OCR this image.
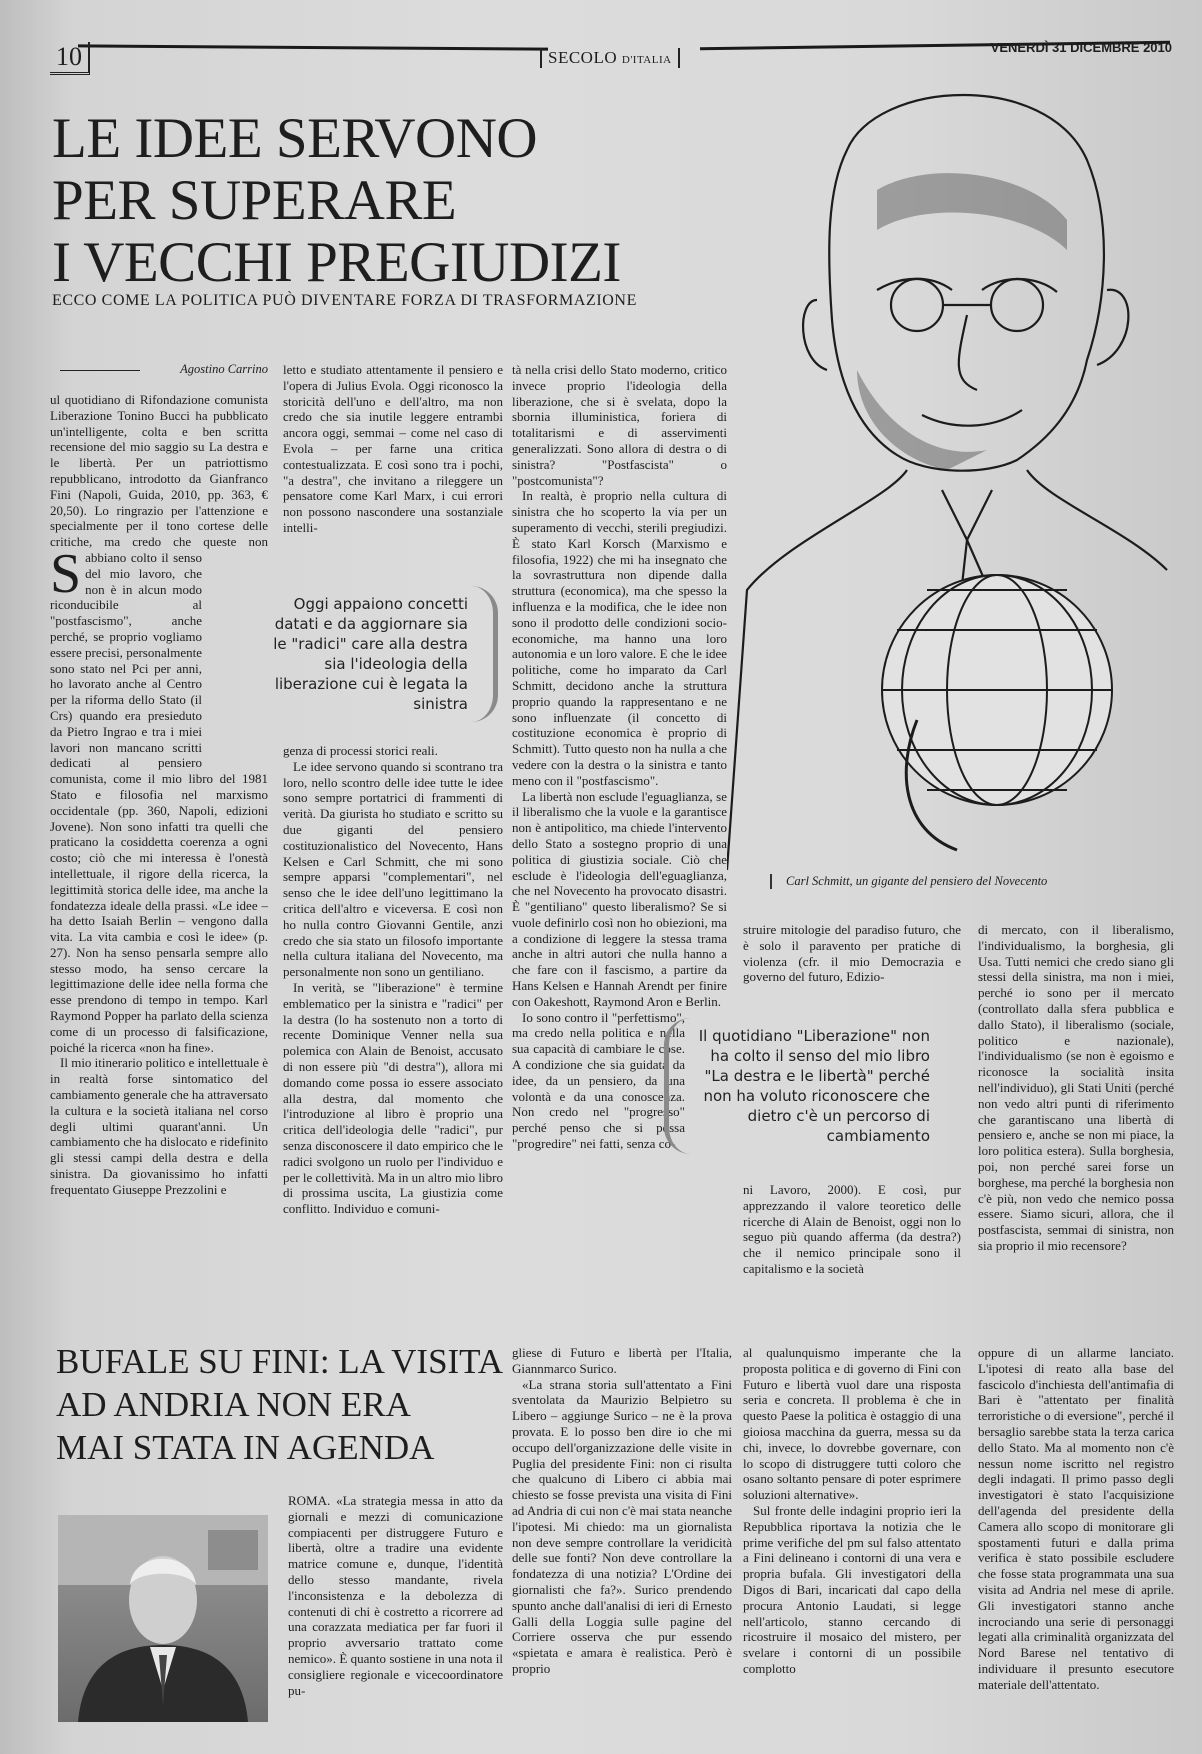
10	SECOLO D'ITALIA
VENERDÌ 31 DICEMBRE 2010
LE IDEE SERVONO
PER SUPERARE
I VECCHI PREGIUDIZI
ECCO COME LA POLITICA PUÒ DIVENTARE FORZA DI TRASFORMAZIONE
Carl Schmitt, un gigante del pensiero del Novecento
Agostino Carrino

S
ul quotidiano di Rifondazione comunista Liberazione Tonino Bucci ha pubblicato un'intelligente, colta e ben scritta recensione del mio saggio su La destra e le libertà. Per un patriottismo repubblicano, introdotto da Gianfranco Fini (Napoli, Guida, 2010, pp. 363, € 20,50). Lo ringrazio per l'attenzione e specialmente per il tono cortese delle critiche, ma credo che queste non abbiano colto il senso del mio lavoro, che non è in alcun modo riconducibile al "postfascismo", anche perché, se proprio vogliamo essere precisi, personalmente sono stato nel Pci per anni, ho lavorato anche al Centro per la riforma dello Stato (il Crs) quando era presieduto da Pietro Ingrao e tra i miei lavori non mancano scritti dedicati al pensiero comunista, come il mio libro del 1981 Stato e filosofia nel marxismo occidentale (pp. 360, Napoli, edizioni Jovene). Non sono infatti tra quelli che praticano la cosiddetta coerenza a ogni costo; ciò che mi interessa è l'onestà intellettuale, il rigore della ricerca, la legittimità storica delle idee, ma anche la fondatezza ideale della prassi. «Le idee – ha detto Isaiah Berlin – vengono dalla vita. La vita cambia e così le idee» (p. 27). Non ha senso pensarla sempre allo stesso modo, ha senso cercare la legittimazione delle idee nella forma che esse prendono di tempo in tempo. Karl Raymond Popper ha parlato della scienza come di un processo di falsificazione, poiché la ricerca «non ha fine».

Il mio itinerario politico e intellettuale è in realtà forse sintomatico del cambiamento generale che ha attraversato la cultura e la società italiana nel corso degli ultimi quarant'anni. Un cambiamento che ha dislocato e ridefinito gli stessi campi della destra e della sinistra. Da giovanissimo ho infatti frequentato Giuseppe Prezzolini e

letto e studiato attentamente il pensiero e l'opera di Julius Evola. Oggi riconosco la storicità dell'uno e dell'altro, ma non credo che sia inutile leggere entrambi ancora oggi, semmai – come nel caso di Evola – per farne una critica contestualizzata. E così sono tra i pochi, "a destra", che invitano a rileggere un pensatore come Karl Marx, i cui errori non possono nascondere una sostanziale intelli-

Oggi appaiono concetti datati e da aggiornare sia le "radici" care alla destra sia l'ideologia della liberazione cui è legata la sinistra

genza di processi storici reali.

Le idee servono quando si scontrano tra loro, nello scontro delle idee tutte le idee sono sempre portatrici di frammenti di verità. Da giurista ho studiato e scritto su due giganti del pensiero costituzionalistico del Novecento, Hans Kelsen e Carl Schmitt, che mi sono sempre apparsi "complementari", nel senso che le idee dell'uno legittimano la critica dell'altro e viceversa. E così non ho nulla contro Giovanni Gentile, anzi credo che sia stato un filosofo importante nella cultura italiana del Novecento, ma personalmente non sono un gentiliano.

In verità, se "liberazione" è termine emblematico per la sinistra e "radici" per la destra (lo ha sostenuto non a torto di recente Dominique Venner nella sua polemica con Alain de Benoist, accusato di non essere più "di destra"), allora mi domando come possa io essere associato alla destra, dal momento che l'introduzione al libro è proprio una critica dell'ideologia delle "radici", pur senza disconoscere il dato empirico che le radici svolgono un ruolo per l'individuo e per le collettività. Ma in un altro mio libro di prossima uscita, La giustizia come conflitto. Individuo e comuni-

tà nella crisi dello Stato moderno, critico invece proprio l'ideologia della liberazione, che si è svelata, dopo la sbornia illuministica, foriera di totalitarismi e di asservimenti generalizzati. Sono allora di destra o di sinistra? "Postfascista" o "postcomunista"?

In realtà, è proprio nella cultura di sinistra che ho scoperto la via per un superamento di vecchi, sterili pregiudizi. È stato Karl Korsch (Marxismo e filosofia, 1922) che mi ha insegnato che la sovrastruttura non dipende dalla struttura (economica), ma che spesso la influenza e la modifica, che le idee non sono il prodotto delle condizioni socio-economiche, ma hanno una loro autonomia e un loro valore. E che le idee politiche, come ho imparato da Carl Schmitt, decidono anche la struttura proprio quando la rappresentano e ne sono influenzate (il concetto di costituzione economica è proprio di Schmitt). Tutto questo non ha nulla a che vedere con la destra o la sinistra e tanto meno con il "postfascismo".

La libertà non esclude l'eguaglianza, se il liberalismo che la vuole e la garantisce non è antipolitico, ma chiede l'intervento dello Stato a sostegno proprio di una politica di giustizia sociale. Ciò che esclude è l'ideologia dell'eguaglianza, che nel Novecento ha provocato disastri. È "gentiliano" questo liberalismo? Se si vuole definirlo così non ho obiezioni, ma a condizione di leggere la stessa trama anche in altri autori che nulla hanno a che fare con il fascismo, a partire da Hans Kelsen e Hannah Arendt per finire con Oakeshott, Raymond Aron e Berlin.

Io sono contro il "perfettismo", ma credo nella politica e nella sua capacità di cambiare le cose. A condizione che sia guidata da idee, da un pensiero, da una volontà e da una conoscenza. Non credo nel "progresso" perché penso che si possa "progredire" nei fatti, senza co-

struire mitologie del paradiso futuro, che è solo il paravento per pratiche di violenza (cfr. il mio Democrazia e governo del futuro, Edizio-

Il quotidiano "Liberazione" non ha colto il senso del mio libro "La destra e le libertà" perché non ha voluto riconoscere che dietro c'è un percorso di cambiamento

ni Lavoro, 2000). E così, pur apprezzando il valore teoretico delle ricerche di Alain de Benoist, oggi non lo seguo più quando afferma (da destra?) che il nemico principale sono il capitalismo e la società

di mercato, con il liberalismo, l'individualismo, la borghesia, gli Usa. Tutti nemici che credo siano gli stessi della sinistra, ma non i miei, perché io sono per il mercato (controllato dalla sfera pubblica e dallo Stato), il liberalismo (sociale, politico e nazionale), l'individualismo (se non è egoismo e riconosce la socialità insita nell'individuo), gli Stati Uniti (perché non vedo altri punti di riferimento che garantiscano una libertà di pensiero e, anche se non mi piace, la loro politica estera). Sulla borghesia, poi, non perché sarei forse un borghese, ma perché la borghesia non c'è più, non vedo che nemico possa essere. Siamo sicuri, allora, che il postfascista, semmai di sinistra, non sia proprio il mio recensore?

BUFALE SU FINI: LA VISITA
AD ANDRIA NON ERA
MAI STATA IN AGENDA

ROMA. «La strategia messa in atto da giornali e mezzi di comunicazione compiacenti per distruggere Futuro e libertà, oltre a tradire una evidente matrice comune e, dunque, l'identità dello stesso mandante, rivela l'inconsistenza e la debolezza di contenuti di chi è costretto a ricorrere ad una corazzata mediatica per far fuori il proprio avversario trattato come nemico». È quanto sostiene in una nota il consigliere regionale e vicecoordinatore pu-

gliese di Futuro e libertà per l'Italia, Giannmarco Surico.

«La strana storia sull'attentato a Fini sventolata da Maurizio Belpietro su Libero – aggiunge Surico – ne è la prova provata. E lo posso ben dire io che mi occupo dell'organizzazione delle visite in Puglia del presidente Fini: non ci risulta che qualcuno di Libero ci abbia mai chiesto se fosse prevista una visita di Fini ad Andria di cui non c'è mai stata neanche l'ipotesi. Mi chiedo: ma un giornalista non deve sempre controllare la veridicità delle sue fonti? Non deve controllare la fondatezza di una notizia? L'Ordine dei giornalisti che fa?». Surico prendendo spunto anche dall'analisi di ieri di Ernesto Galli della Loggia sulle pagine del Corriere osserva che pur essendo «spietata e amara è realistica. Però è proprio

al qualunquismo imperante che la proposta politica e di governo di Fini con Futuro e libertà vuol dare una risposta seria e concreta. Il problema è che in questo Paese la politica è ostaggio di una gioiosa macchina da guerra, messa su da chi, invece, lo dovrebbe governare, con lo scopo di distruggere tutti coloro che osano soltanto pensare di poter esprimere soluzioni alternative».

Sul fronte delle indagini proprio ieri la Repubblica riportava la notizia che le prime verifiche del pm sul falso attentato a Fini delineano i contorni di una vera e propria bufala. Gli investigatori della Digos di Bari, incaricati dal capo della procura Antonio Laudati, si legge nell'articolo, stanno cercando di ricostruire il mosaico del mistero, per svelare i contorni di un possibile complotto

oppure di un allarme lanciato. L'ipotesi di reato alla base del fascicolo d'inchiesta dell'antimafia di Bari è "attentato per finalità terroristiche o di eversione", perché il bersaglio sarebbe stata la terza carica dello Stato. Ma al momento non c'è nessun nome iscritto nel registro degli indagati. Il primo passo degli investigatori è stato l'acquisizione dell'agenda del presidente della Camera allo scopo di monitorare gli spostamenti futuri e dalla prima verifica è stato possibile escludere che fosse stata programmata una sua visita ad Andria nel mese di aprile. Gli investigatori stanno anche incrociando una serie di personaggi legati alla criminalità organizzata del Nord Barese nel tentativo di individuare il presunto esecutore materiale dell'attentato.
